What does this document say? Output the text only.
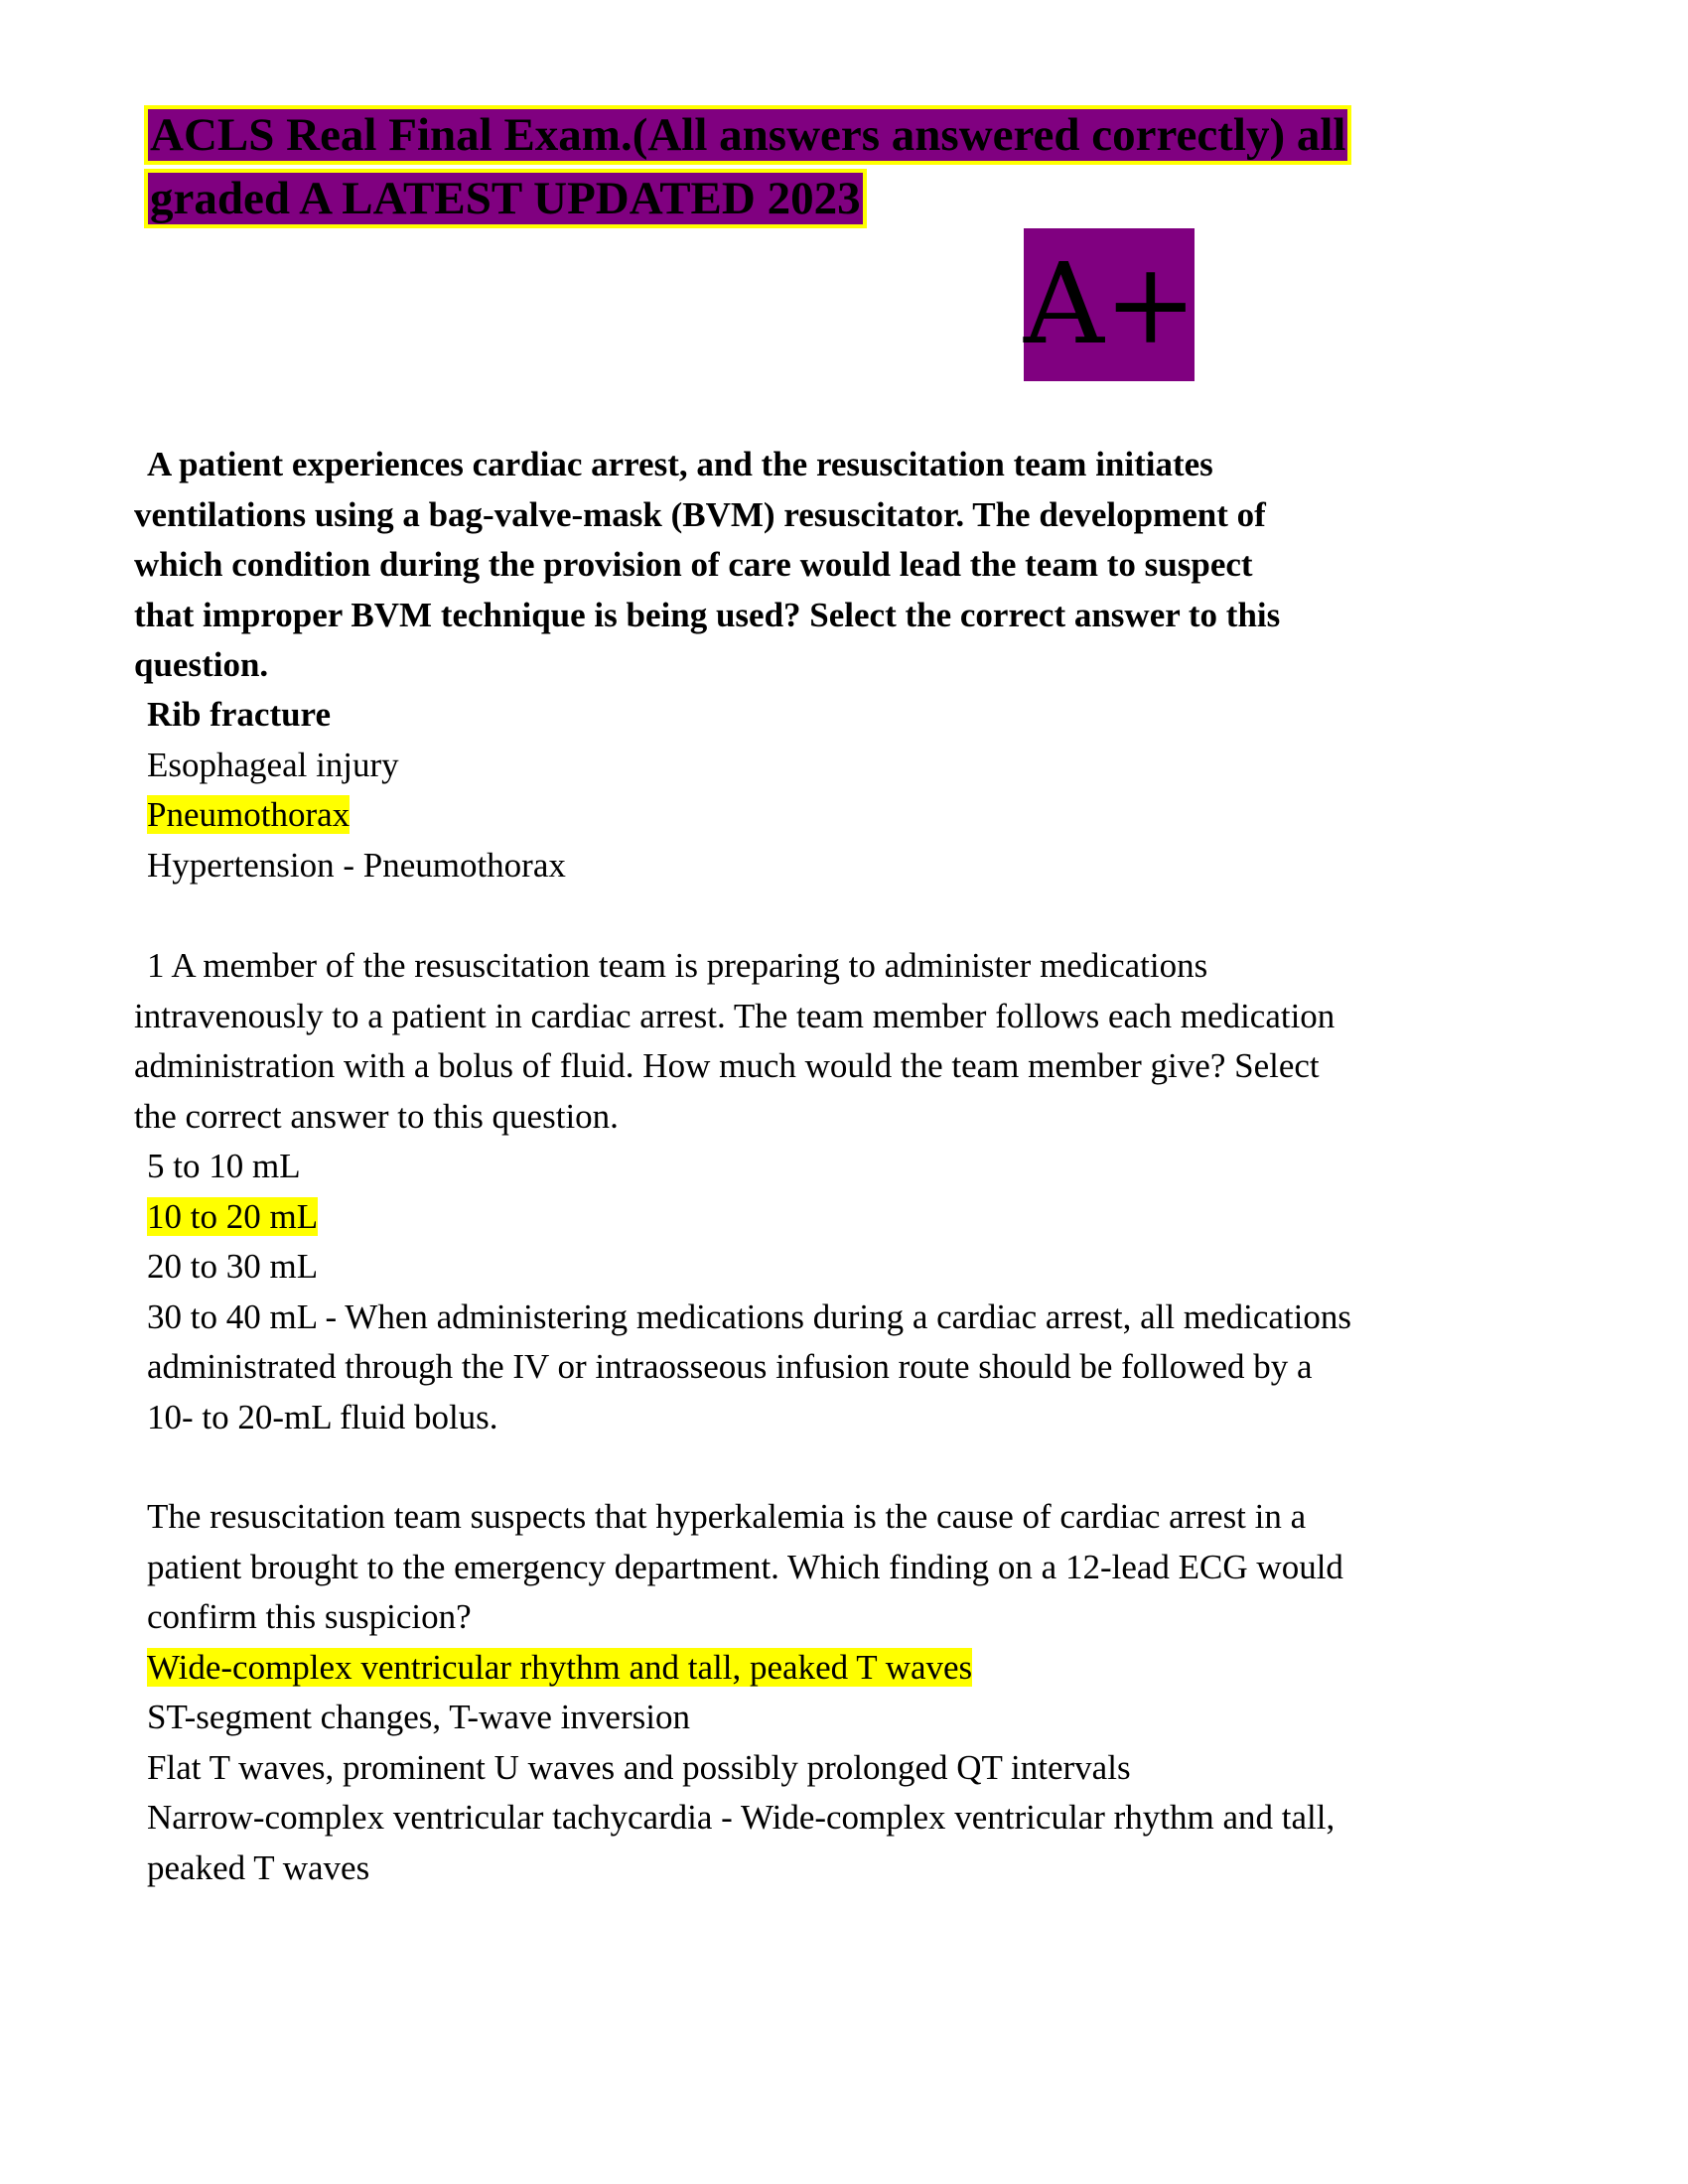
ACLS Real Final Exam.(All answers answered correctly) all graded A LATEST UPDATED 2023
A+
A patient experiences cardiac arrest, and the resuscitation team initiates
ventilations using a bag-valve-mask (BVM) resuscitator. The development of
which condition during the provision of care would lead the team to suspect
that improper BVM technique is being used? Select the correct answer to this
question.
Rib fracture
Esophageal injury
Pneumothorax
Hypertension - Pneumothorax
1 A member of the resuscitation team is preparing to administer medications
intravenously to a patient in cardiac arrest. The team member follows each medication
administration with a bolus of fluid. How much would the team member give? Select
the correct answer to this question.
5 to 10 mL
10 to 20 mL
20 to 30 mL
30 to 40 mL - When administering medications during a cardiac arrest, all medications
administrated through the IV or intraosseous infusion route should be followed by a
10- to 20-mL fluid bolus.
The resuscitation team suspects that hyperkalemia is the cause of cardiac arrest in a
patient brought to the emergency department. Which finding on a 12-lead ECG would
confirm this suspicion?
Wide-complex ventricular rhythm and tall, peaked T waves
ST-segment changes, T-wave inversion
Flat T waves, prominent U waves and possibly prolonged QT intervals
Narrow-complex ventricular tachycardia - Wide-complex ventricular rhythm and tall,
peaked T waves
